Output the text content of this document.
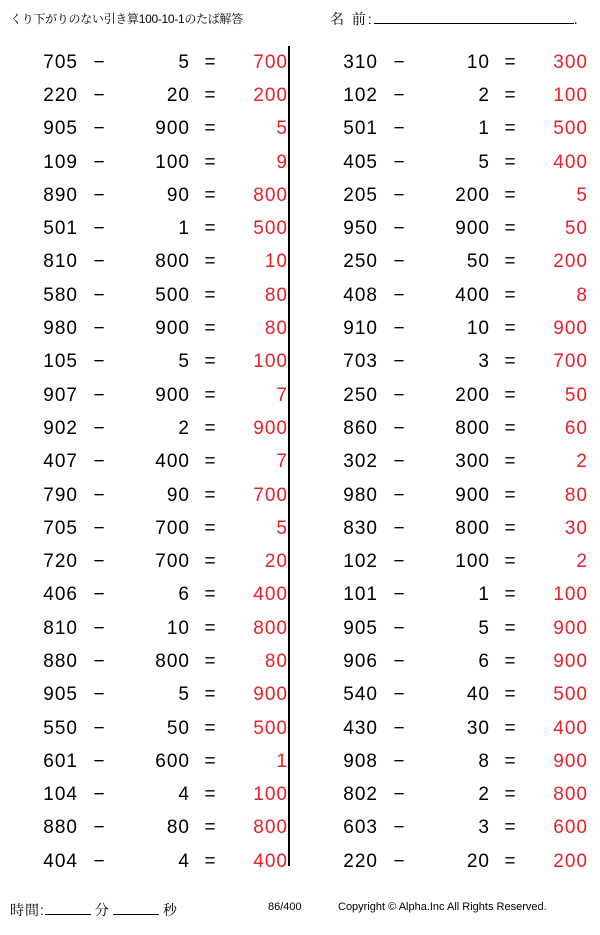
くり下がりのない引き算100-10-1のたば解答	名 前:	.
705 −	5 =	700
220 −	20 =	200
905 −	900 =	5
109 −	100 =	9
890 −	90 =	800
501 −	1 =	500
810 −	800 =	10
580 −	500 =	80
980 −	900 =	80
105 −	5 =	100
907 −	900 =	7
902 −	2 =	900
407 −	400 =	7
790 −	90 =	700
705 −	700 =	5
720 −	700 =	20
406 −	6 =	400
810 −	10 =	800
880 −	800 =	80
905 −	5 =	900
550 −	50 =	500
601 −	600 =	1
104 −	4 =	100
880 −	80 =	800
404 −	4 =	400
310 −	10 =	300
102 −	2 =	100
501 −	1 =	500
405 −	5 =	400
205 −	200 =	5
950 −	900 =	50
250 −	50 =	200
408 −	400 =	8
910 −	10 =	900
703 −	3 =	700
250 −	200 =	50
860 −	800 =	60
302 −	300 =	2
980 −	900 =	80
830 −	800 =	30
102 −	100 =	2
101 −	1 =	100
905 −	5 =	900
906 −	6 =	900
540 −	40 =	500
430 −	30 =	400
908 −	8 =	900
802 −	2 =	800
603 −	3 =	600
220 −	20 =	200
時間:	分	秒	86/400	Copyright © Alpha.Inc All Rights Reserved.
